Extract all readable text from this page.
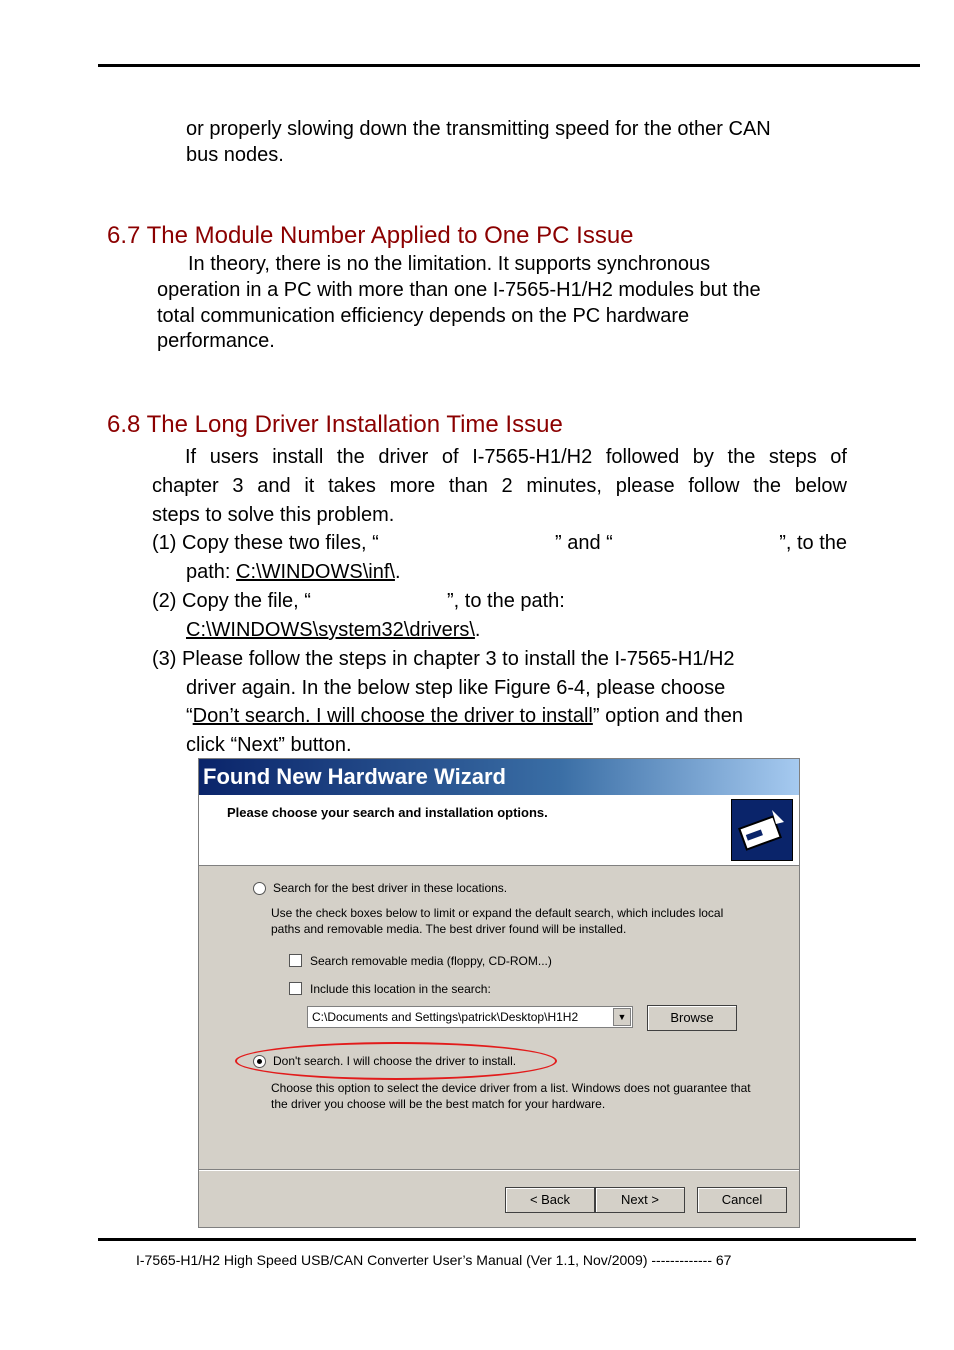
or properly slowing down the transmitting speed for the other CAN

bus nodes.

6.7 The Module Number Applied to One PC Issue

In theory, there is no the limitation. It supports synchronous

operation in a PC with more than one I-7565-H1/H2 modules but the

total communication efficiency depends on the PC hardware

performance.

6.8 The Long Driver Installation Time Issue

If users install the driver of I-7565-H1/H2 followed by the steps of

chapter 3 and it takes more than 2 minutes, please follow the below

steps to solve this problem.

(1) Copy these two files, “	” and “	”, to the

path: C:\WINDOWS\inf\.

(2) Copy the file, “	”, to the path:

C:\WINDOWS\system32\drivers\.

(3) Please follow the steps in chapter 3 to install the I-7565-H1/H2

driver again. In the below step like Figure 6-4, please choose

“Don’t search. I will choose the driver to install” option and then

click “Next” button.

Found New Hardware Wizard
Please choose your search and installation options.
Search for the best driver in these locations.
Use the check boxes below to limit or expand the default search, which includes local
paths and removable media. The best driver found will be installed.
Search removable media (floppy, CD-ROM...)
Include this location in the search:
C:\Documents and Settings\patrick\Desktop\H1H2	▼	Browse
Don't search. I will choose the driver to install.
Choose this option to select the device driver from a list. Windows does not guarantee that
the driver you choose will be the best match for your hardware.
< Back	Next >	Cancel
I-7565-H1/H2 High Speed USB/CAN Converter User’s Manual (Ver 1.1, Nov/2009) ------------- 67
